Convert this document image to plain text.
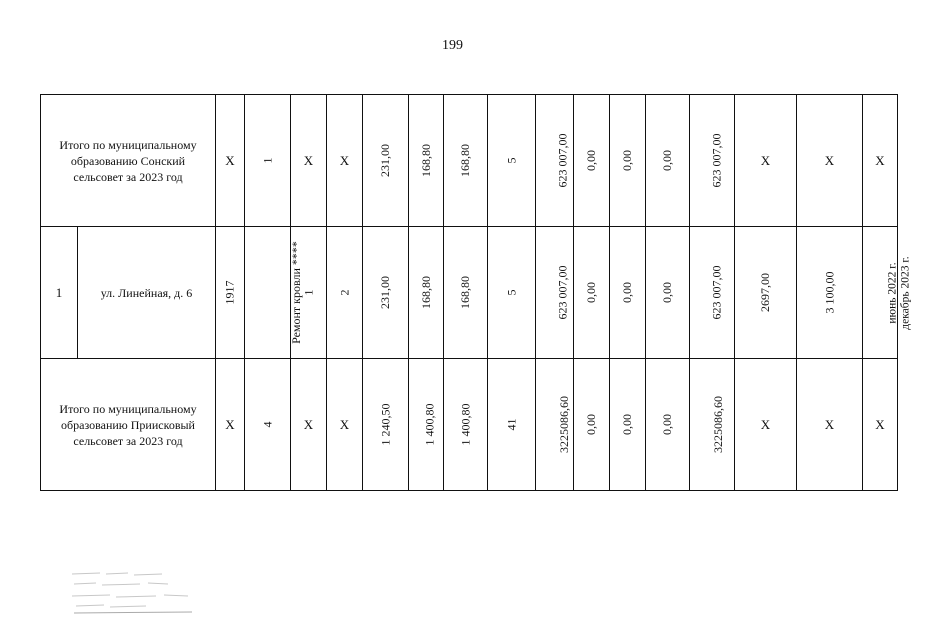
199
Итого по муниципальному образованию Сонский сельсовет за 2023 год		X	1	X	X	231,00	168,80	168,80	5	623 007,00	0,00	0,00	0,00	623 007,00	X	X	X
1	ул. Линейная, д. 6	1917	Ремонт кровли ****	1	2	231,00	168,80	168,80	5	623 007,00	0,00	0,00	0,00	623 007,00	2697,00	3 100,00	июнь 2022 г. декабрь 2023 г.

Итого по муниципальному образованию Приисковый сельсовет за 2023 год		X	4	X	X	1 240,50	1 400,80	1 400,80	41	3225086,60	0,00	0,00	0,00	3225086,60	X	X	X
